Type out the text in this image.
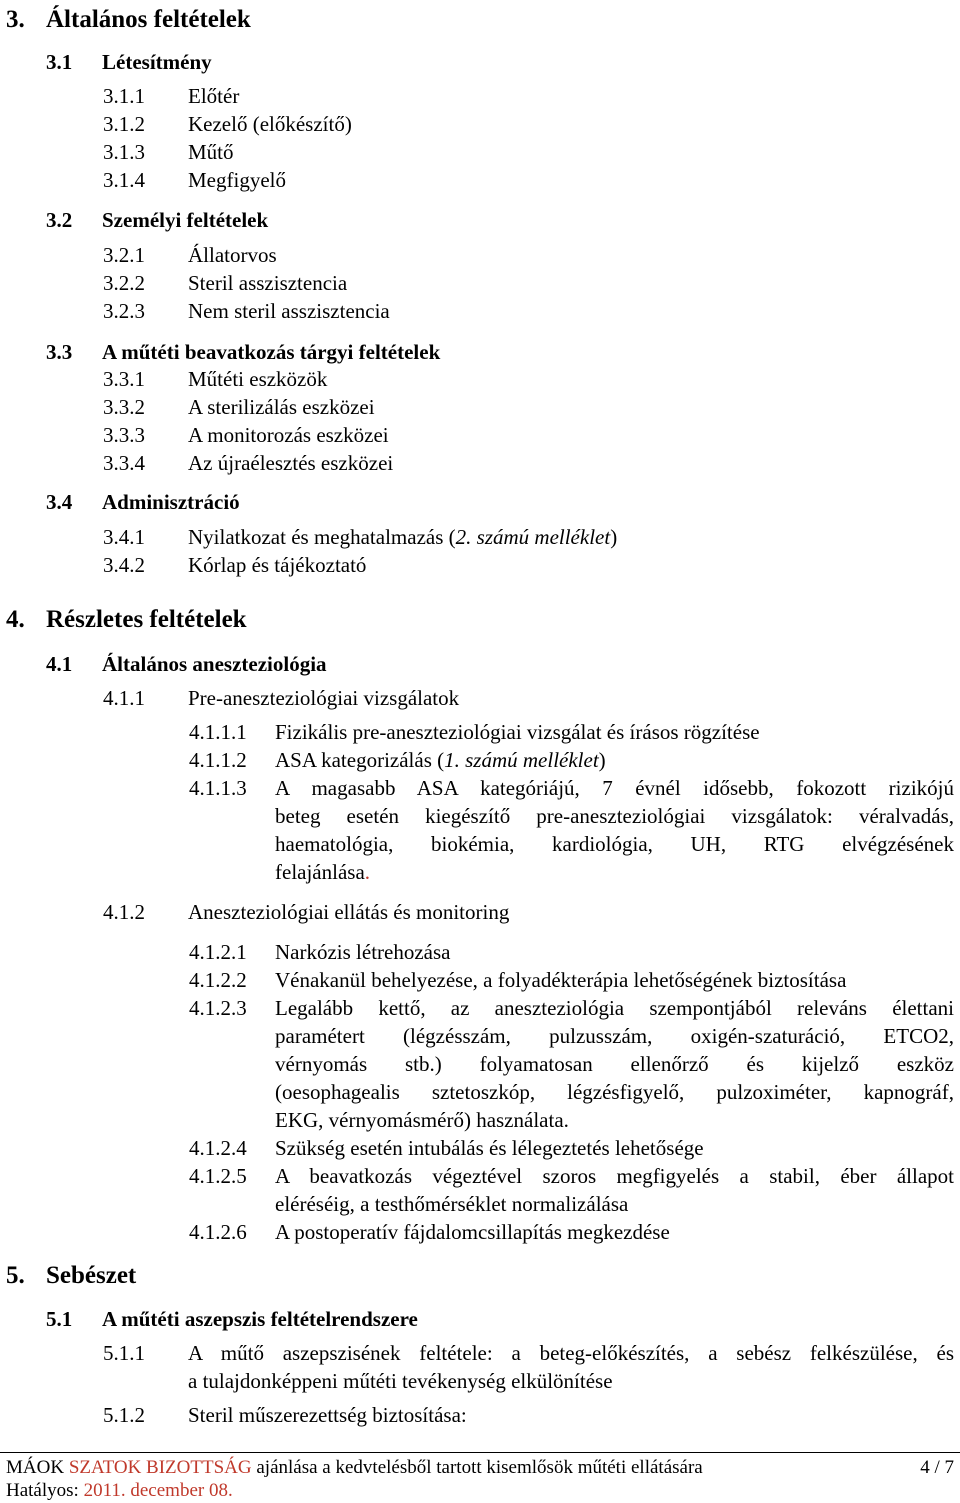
3. Általános feltételek
3.1 Létesítmény
3.1.1 Előtér
3.1.2 Kezelő (előkészítő)
3.1.3 Műtő
3.1.4 Megfigyelő
3.2 Személyi feltételek
3.2.1 Állatorvos
3.2.2 Steril asszisztencia
3.2.3 Nem steril asszisztencia
3.3 A műtéti beavatkozás tárgyi feltételek
3.3.1 Műtéti eszközök
3.3.2 A sterilizálás eszközei
3.3.3 A monitorozás eszközei
3.3.4 Az újraélesztés eszközei
3.4 Adminisztráció
3.4.1 Nyilatkozat és meghatalmazás (2. számú melléklet)
3.4.2 Kórlap és tájékoztató
4. Részletes feltételek
4.1 Általános aneszteziológia
4.1.1 Pre-aneszteziológiai vizsgálatok
4.1.1.1 Fizikális pre-aneszteziológiai vizsgálat és írásos rögzítése
4.1.1.2 ASA kategorizálás (1. számú melléklet)
4.1.1.3 A magasabb ASA kategóriájú, 7 évnél idősebb, fokozott rizikójú
beteg esetén kiegészítő pre-aneszteziológiai vizsgálatok: véralvadás,
haematológia, biokémia, kardiológia, UH, RTG elvégzésének
felajánlása.
4.1.2 Aneszteziológiai ellátás és monitoring
4.1.2.1 Narkózis létrehozása
4.1.2.2 Vénakanül behelyezése, a folyadékterápia lehetőségének biztosítása
4.1.2.3 Legalább kettő, az aneszteziológia szempontjából releváns élettani
paramétert (légzésszám, pulzusszám, oxigén-szaturáció, ETCO2,
vérnyomás stb.) folyamatosan ellenőrző és kijelző eszköz
(oesophagealis sztetoszkóp, légzésfigyelő, pulzoximéter, kapnográf,
EKG, vérnyomásmérő) használata.
4.1.2.4 Szükség esetén intubálás és lélegeztetés lehetősége
4.1.2.5 A beavatkozás végeztével szoros megfigyelés a stabil, éber állapot
eléréséig, a testhőmérséklet normalizálása
4.1.2.6 A postoperatív fájdalomcsillapítás megkezdése
5. Sebészet
5.1 A műtéti aszepszis feltételrendszere
5.1.1 A műtő aszepszisének feltétele: a beteg-előkészítés, a sebész felkészülése, és
a tulajdonképpeni műtéti tevékenység elkülönítése
5.1.2 Steril műszerezettség biztosítása:
MÁOK SZATOK BIZOTTSÁG ajánlása a kedvtelésből tartott kisemlősök műtéti ellátására	4 / 7
Hatályos: 2011. december 08.
